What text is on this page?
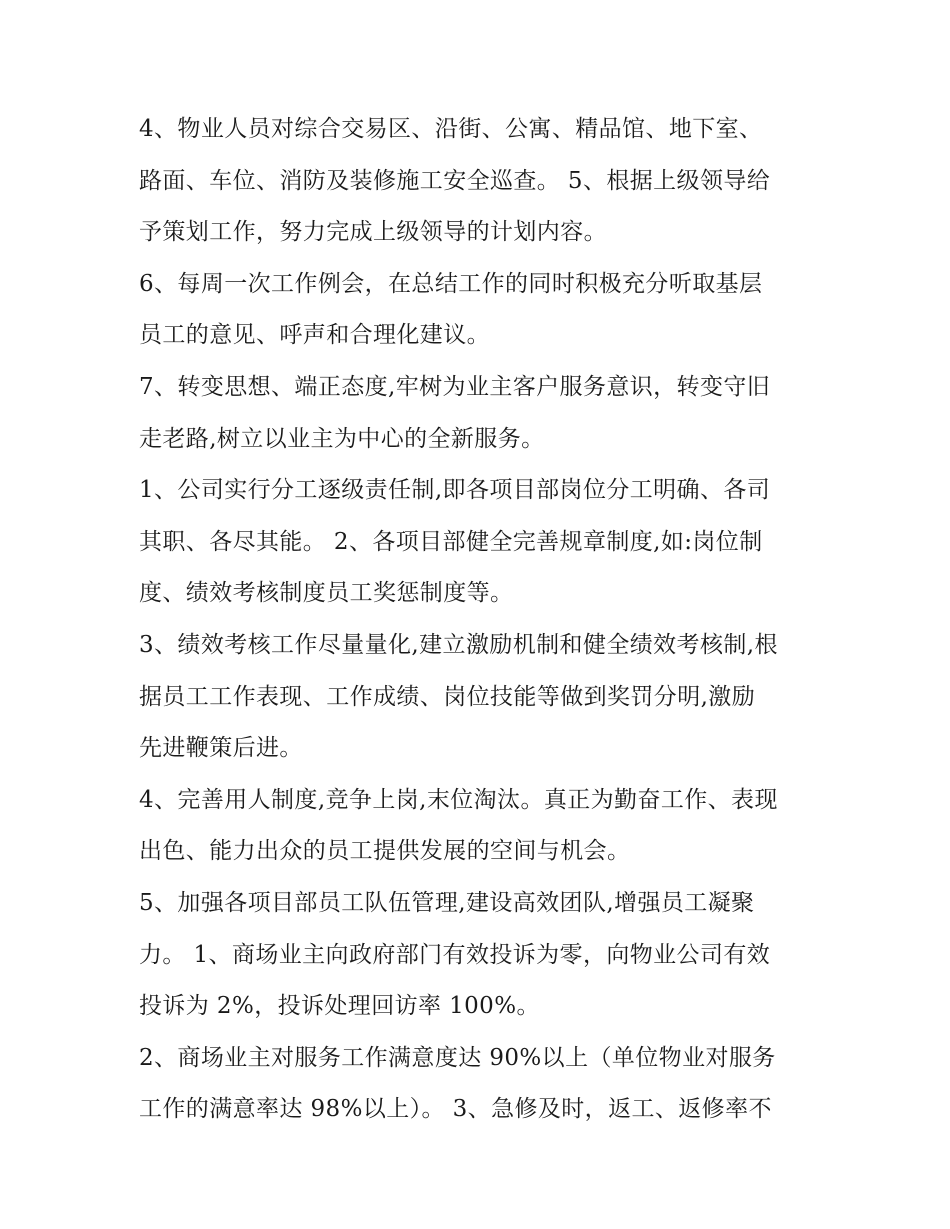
4、物业人员对综合交易区、沿街、公寓、精品馆、地下室、
路面、车位、消防及装修施工安全巡查。 5、根据上级领导给
予策划工作，努力完成上级领导的计划内容。
6、每周一次工作例会，在总结工作的同时积极充分听取基层
员工的意见、呼声和合理化建议。
7、转变思想、端正态度,牢树为业主客户服务意识，转变守旧
走老路,树立以业主为中心的全新服务。
1、公司实行分工逐级责任制,即各项目部岗位分工明确、各司
其职、各尽其能。 2、各项目部健全完善规章制度,如:岗位制
度、绩效考核制度员工奖惩制度等。
3、绩效考核工作尽量量化,建立激励机制和健全绩效考核制,根
据员工工作表现、工作成绩、岗位技能等做到奖罚分明,激励
先进鞭策后进。
4、完善用人制度,竞争上岗,末位淘汰。真正为勤奋工作、表现
出色、能力出众的员工提供发展的空间与机会。
5、加强各项目部员工队伍管理,建设高效团队,增强员工凝聚
力。 1、商场业主向政府部门有效投诉为零，向物业公司有效
投诉为 2%，投诉处理回访率 100%。
2、商场业主对服务工作满意度达 90%以上（单位物业对服务
工作的满意率达 98%以上）。 3、急修及时，返工、返修率不
